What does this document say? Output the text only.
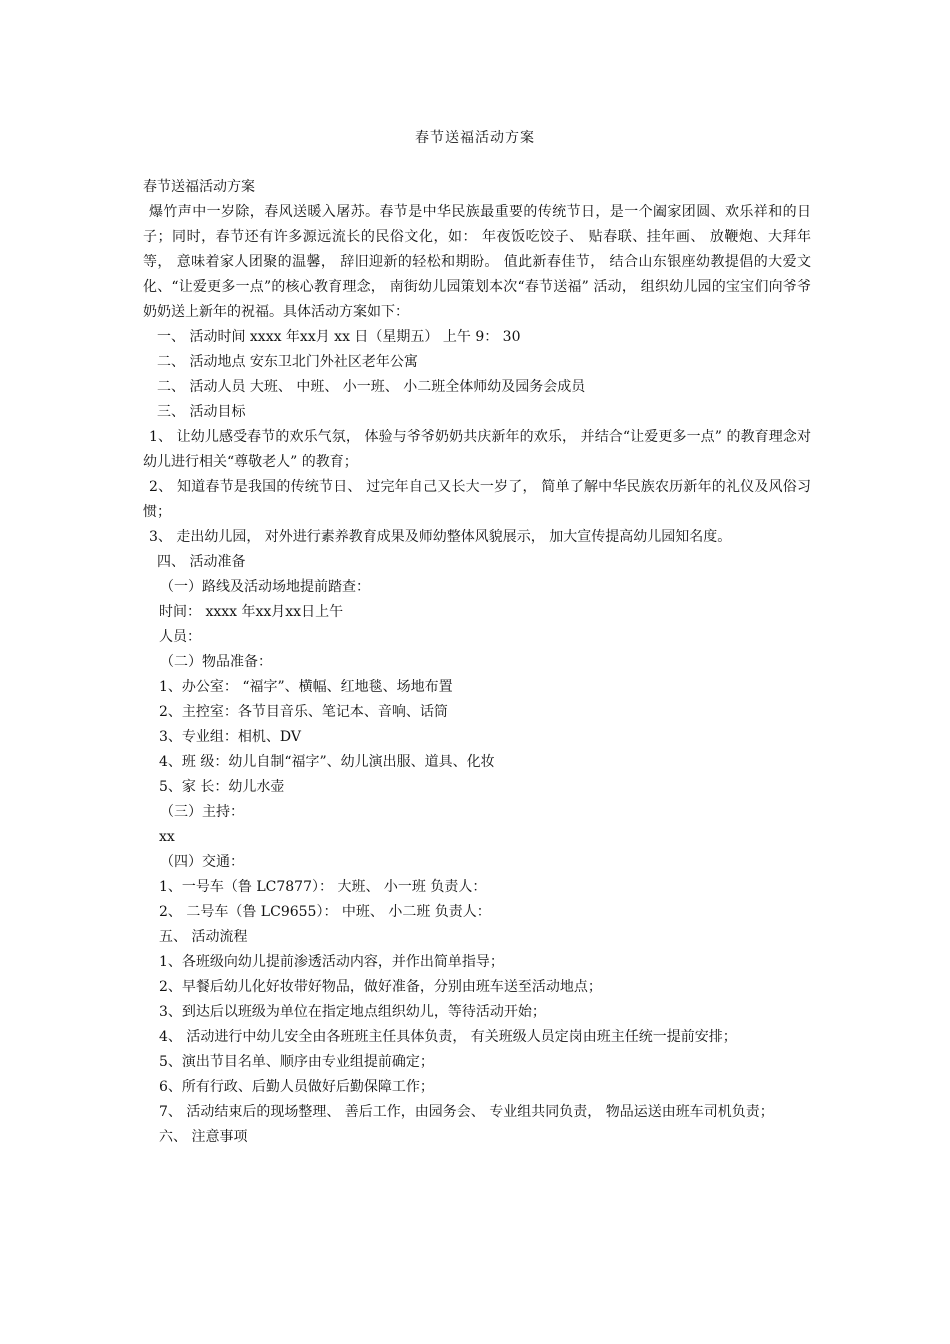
春节送福活动方案
春节送福活动方案
爆竹声中一岁除，春风送暖入屠苏。春节是中华民族最重要的传统节日，是一个阖家团圆、欢乐祥和的日子；同时，春节还有许多源远流长的民俗文化，如： 年夜饭吃饺子、 贴春联、挂年画、 放鞭炮、大拜年等， 意味着家人团聚的温馨， 辞旧迎新的轻松和期盼。 值此新春佳节， 结合山东银座幼教提倡的大爱文化、“让爱更多一点”的核心教育理念， 南街幼儿园策划本次“春节送福” 活动， 组织幼儿园的宝宝们向爷爷奶奶送上新年的祝福。具体活动方案如下：
一、 活动时间 xxxx 年xx月 xx 日（星期五） 上午 9： 30
二、 活动地点 安东卫北门外社区老年公寓
二、 活动人员 大班、 中班、 小一班、 小二班全体师幼及园务会成员
三、 活动目标
1、 让幼儿感受春节的欢乐气氛， 体验与爷爷奶奶共庆新年的欢乐， 并结合“让爱更多一点” 的教育理念对幼儿进行相关“尊敬老人” 的教育；
2、 知道春节是我国的传统节日、 过完年自己又长大一岁了， 简单了解中华民族农历新年的礼仪及风俗习惯；
3、 走出幼儿园， 对外进行素养教育成果及师幼整体风貌展示， 加大宣传提高幼儿园知名度。
四、 活动准备
（一）路线及活动场地提前踏查：
时间： xxxx 年xx月xx日上午
人员：
（二）物品准备：
1、办公室： “福字”、横幅、红地毯、场地布置
2、主控室：各节目音乐、笔记本、音响、话筒
3、专业组：相机、DV
4、班 级：幼儿自制“福字”、幼儿演出服、道具、化妆
5、家 长：幼儿水壶
（三）主持：
xx
（四）交通：
1、一号车（鲁 LC7877）： 大班、 小一班 负责人：
2、 二号车（鲁 LC9655）： 中班、 小二班 负责人：
五、 活动流程
1、各班级向幼儿提前渗透活动内容，并作出简单指导；
2、早餐后幼儿化好妆带好物品，做好准备，分别由班车送至活动地点；
3、到达后以班级为单位在指定地点组织幼儿，等待活动开始；
4、 活动进行中幼儿安全由各班班主任具体负责， 有关班级人员定岗由班主任统一提前安排；
5、演出节目名单、顺序由专业组提前确定；
6、所有行政、后勤人员做好后勤保障工作；
7、 活动结束后的现场整理、 善后工作，由园务会、 专业组共同负责， 物品运送由班车司机负责；
六、 注意事项
